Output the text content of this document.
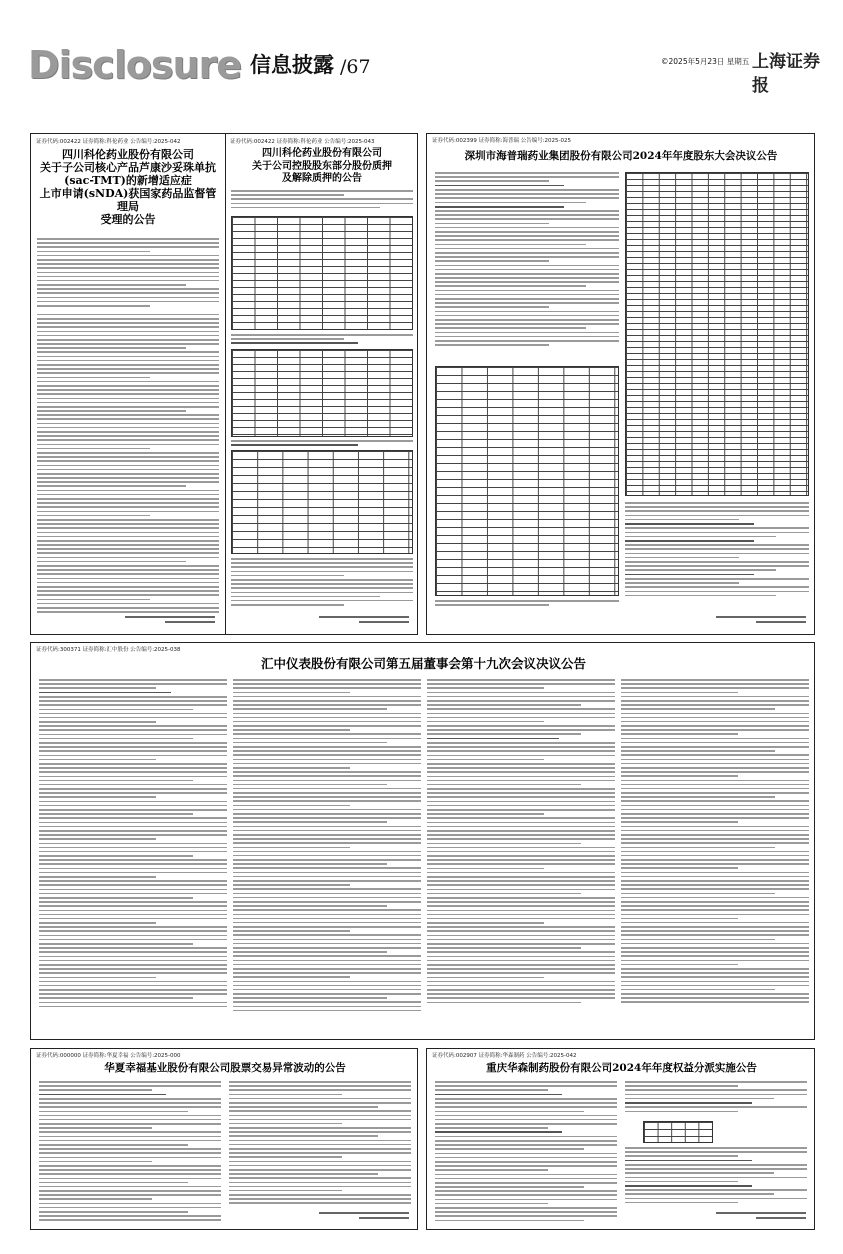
Disclosure 信息披露 /67	©2025年5月23日 星期五 上海证券报
证券代码:002422 证券简称:科伦药业 公告编号:2025-042
四川科伦药业股份有限公司
关于子公司核心产品芦康沙妥珠单抗
(sac-TMT)的新增适应症
上市申请(sNDA)获国家药品监督管理局
受理的公告
证券代码:002422 证券简称:科伦药业 公告编号:2025-043
四川科伦药业股份有限公司
关于公司控股股东部分股份质押
及解除质押的公告
证券代码:002399 证券简称:海普瑞 公告编号:2025-025
深圳市海普瑞药业集团股份有限公司2024年年度股东大会决议公告
证券代码:300371 证券简称:汇中股份 公告编号:2025-038
汇中仪表股份有限公司第五届董事会第十九次会议决议公告
证券代码:000000 证券简称:华夏幸福 公告编号:2025-000
华夏幸福基业股份有限公司股票交易异常波动的公告
证券代码:002907 证券简称:华森制药 公告编号:2025-042
重庆华森制药股份有限公司2024年年度权益分派实施公告
